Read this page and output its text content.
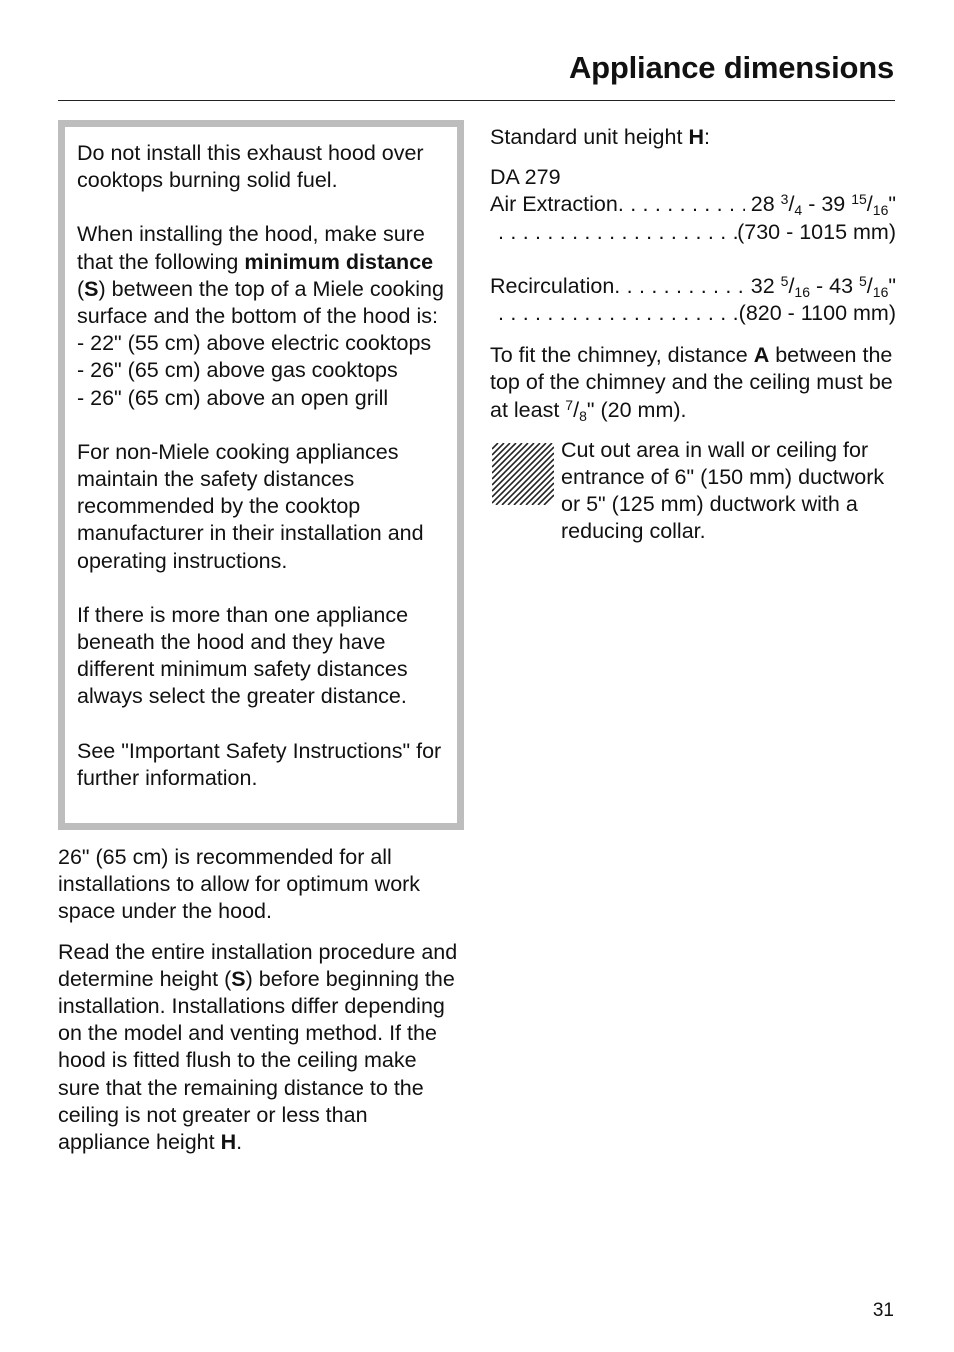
Appliance dimensions

Do not install this exhaust hood over cooktops burning solid fuel.

When installing the hood, make sure that the following minimum distance (S) between the top of a Miele cooking surface and the bottom of the hood is:
- 22" (55 cm) above electric cooktops
- 26" (65 cm) above gas cooktops
- 26" (65 cm) above an open grill

For non-Miele cooking appliances maintain the safety distances recommended by the cooktop manufacturer in their installation and operating instructions.

If there is more than one appliance beneath the hood and they have different minimum safety distances always select the greater distance.

See "Important Safety Instructions" for further information.

26" (65 cm) is recommended for all installations to allow for optimum work space under the hood.

Read the entire installation procedure and determine height (S) before beginning the installation. Installations differ depending on the model and venting method. If the hood is fitted flush to the ceiling make sure that the remaining distance to the ceiling is not greater or less than appliance height H.

Standard unit height H:

DA 279
Air Extraction . . .	28 $^3/_4 - 39$ $^{15}/_{16}$"
. . .
(730 - 1015 mm)
Recirculation . . .	32 $^5/_{16} - 43$ $^5/_{16}$"
. . .
(820 - 1100 mm)

To fit the chimney, distance A between the top of the chimney and the ceiling must be at least $^7/_8$" (20 mm).

Cut out area in wall or ceiling for entrance of 6" (150 mm) ductwork or 5" (125 mm) ductwork with a reducing collar.
31
